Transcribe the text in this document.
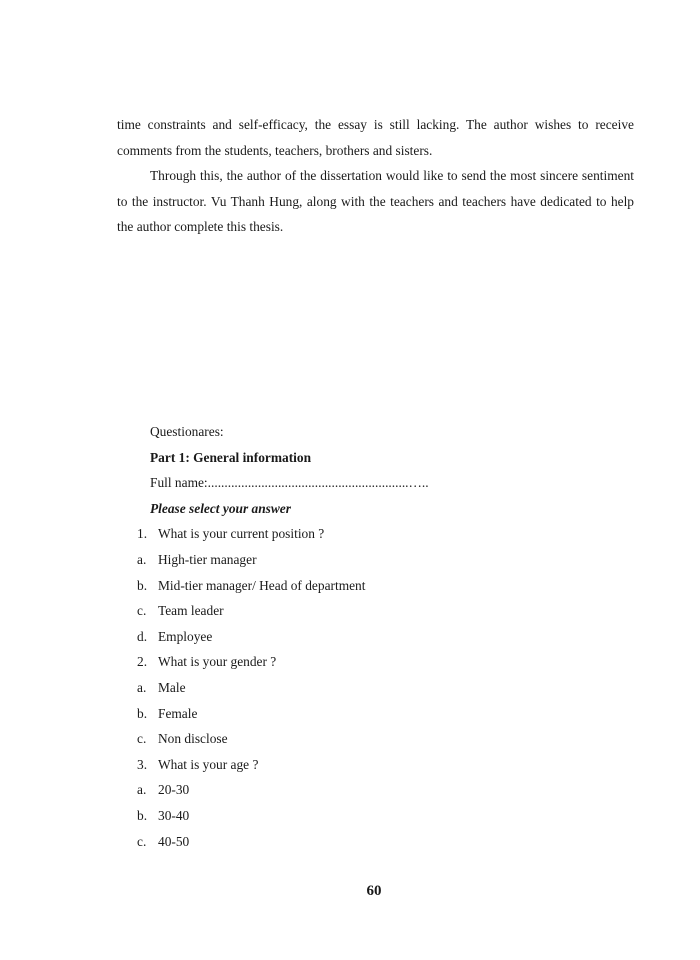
time constraints and self-efficacy, the essay is still lacking. The author wishes to receive comments from the students, teachers, brothers and sisters.

Through this, the author of the dissertation would like to send the most sincere sentiment to the instructor. Vu Thanh Hung, along with the teachers and teachers have dedicated to help the author complete this thesis.

Questionares:
Part 1: General information
Full name:............................................................…..
Please select your answer
1. What is your current position ?
a. High-tier manager
b. Mid-tier manager/ Head of department
c. Team leader
d. Employee
2. What is your gender ?
a. Male
b. Female
c. Non disclose
3. What is your age ?
a. 20-30
b. 30-40
c. 40-50
60
